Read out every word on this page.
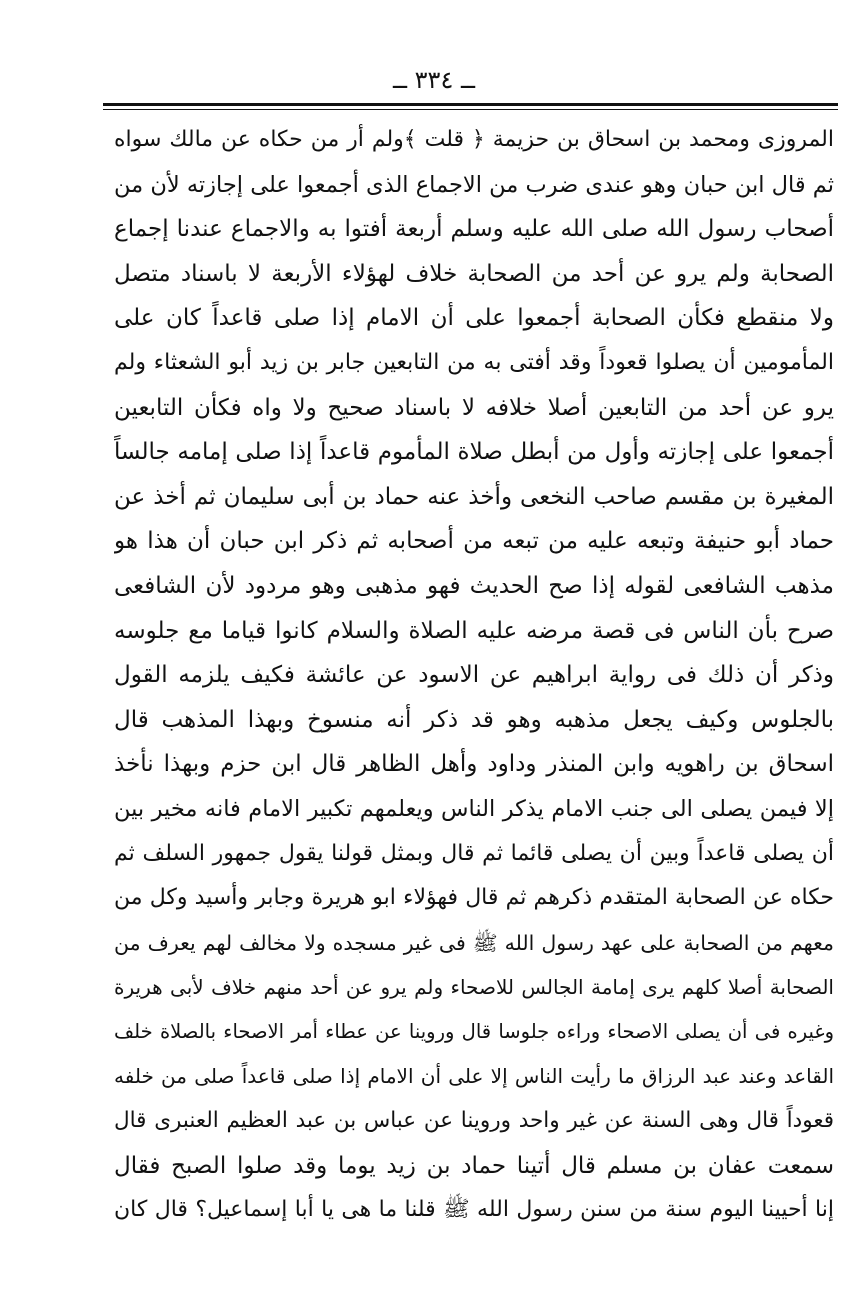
ــ ٣٣٤ ــ
المروزى ومحمد بن اسحاق بن حزيمة ﴿ قلت ﴾ولم أر من حكاه عن مالك سواه
ثم قال ابن حبان وهو عندى ضرب من الاجماع الذى أجمعوا على إجازته لأن من
أصحاب رسول الله صلى الله عليه وسلم أربعة أفتوا به والاجماع عندنا إجماع
الصحابة ولم يرو عن أحد من الصحابة خلاف لهؤلاء الأربعة لا باسناد متصل
ولا منقطع فكأن الصحابة أجمعوا على أن الامام إذا صلى قاعداً كان على
المأمومين أن يصلوا قعوداً وقد أفتى به من التابعين جابر بن زيد أبو الشعثاء ولم
يرو عن أحد من التابعين أصلا خلافه لا باسناد صحيح ولا واه فكأن التابعين
أجمعوا على إجازته وأول من أبطل صلاة المأموم قاعداً إذا صلى إمامه جالساً
المغيرة بن مقسم صاحب النخعى وأخذ عنه حماد بن أبى سليمان ثم أخذ عن
حماد أبو حنيفة وتبعه عليه من تبعه من أصحابه ثم ذكر ابن حبان أن هذا هو
مذهب الشافعى لقوله إذا صح الحديث فهو مذهبى وهو مردود لأن الشافعى
صرح بأن الناس فى قصة مرضه عليه الصلاة والسلام كانوا قياما مع جلوسه
وذكر أن ذلك فى رواية ابراهيم عن الاسود عن عائشة فكيف يلزمه القول
بالجلوس وكيف يجعل مذهبه وهو قد ذكر أنه منسوخ وبهذا المذهب قال
اسحاق بن راهويه وابن المنذر وداود وأهل الظاهر قال ابن حزم وبهذا نأخذ
إلا فيمن يصلى الى جنب الامام يذكر الناس ويعلمهم تكبير الامام فانه مخير بين
أن يصلى قاعداً وبين أن يصلى قائما ثم قال وبمثل قولنا يقول جمهور السلف ثم
حكاه عن الصحابة المتقدم ذكرهم ثم قال فهؤلاء ابو هريرة وجابر وأسيد وكل من
معهم من الصحابة على عهد رسول الله ﷺ فى غير مسجده ولا مخالف لهم يعرف من
الصحابة أصلا كلهم يرى إمامة الجالس للاصحاء ولم يرو عن أحد منهم خلاف لأبى هريرة
وغيره فى أن يصلى الاصحاء وراءه جلوسا قال وروينا عن عطاء أمر الاصحاء بالصلاة خلف
القاعد وعند عبد الرزاق ما رأيت الناس إلا على أن الامام إذا صلى قاعداً صلى من خلفه
قعوداً قال وهى السنة عن غير واحد وروينا عن عباس بن عبد العظيم العنبرى قال
سمعت عفان بن مسلم قال أتينا حماد بن زيد يوما وقد صلوا الصبح فقال
إنا أحيينا اليوم سنة من سنن رسول الله ﷺ قلنا ما هى يا أبا إسماعيل؟ قال كان
